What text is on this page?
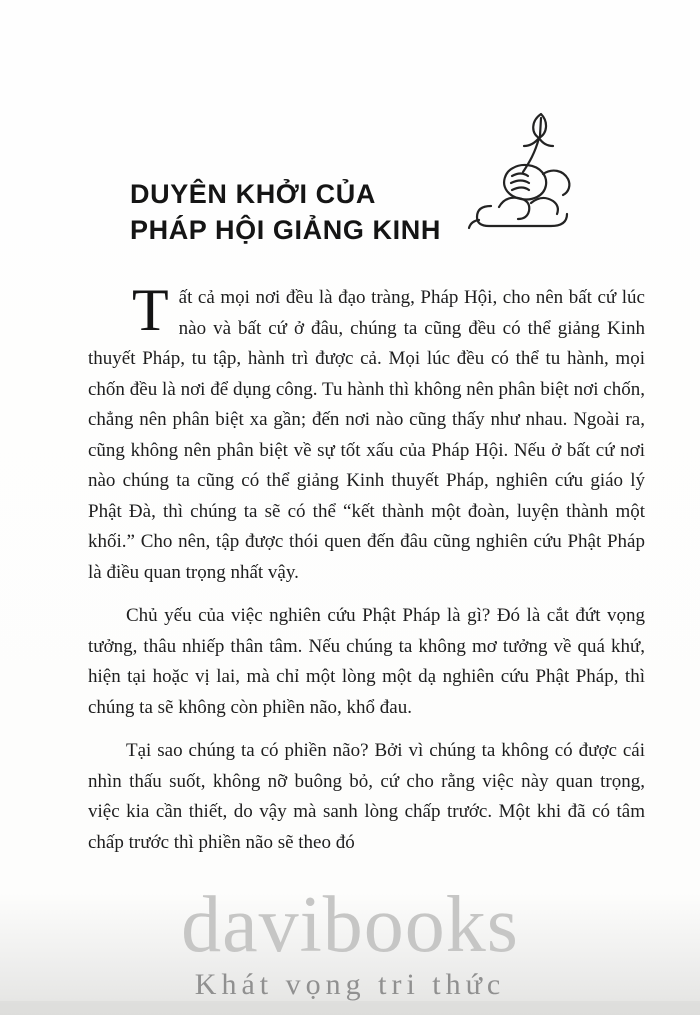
DUYÊN KHỞI CỦA
PHÁP HỘI GIẢNG KINH

Tất cả mọi nơi đều là đạo tràng, Pháp Hội, cho nên bất cứ lúc nào và bất cứ ở đâu, chúng ta cũng đều có thể giảng Kinh thuyết Pháp, tu tập, hành trì được cả. Mọi lúc đều có thể tu hành, mọi chốn đều là nơi để dụng công. Tu hành thì không nên phân biệt nơi chốn, chẳng nên phân biệt xa gần; đến nơi nào cũng thấy như nhau. Ngoài ra, cũng không nên phân biệt về sự tốt xấu của Pháp Hội. Nếu ở bất cứ nơi nào chúng ta cũng có thể giảng Kinh thuyết Pháp, nghiên cứu giáo lý Phật Đà, thì chúng ta sẽ có thể “kết thành một đoàn, luyện thành một khối.” Cho nên, tập được thói quen đến đâu cũng nghiên cứu Phật Pháp là điều quan trọng nhất vậy.

Chủ yếu của việc nghiên cứu Phật Pháp là gì? Đó là cắt đứt vọng tưởng, thâu nhiếp thân tâm. Nếu chúng ta không mơ tưởng về quá khứ, hiện tại hoặc vị lai, mà chỉ một lòng một dạ nghiên cứu Phật Pháp, thì chúng ta sẽ không còn phiền não, khổ đau.

Tại sao chúng ta có phiền não? Bởi vì chúng ta không có được cái nhìn thấu suốt, không nỡ buông bỏ, cứ cho rằng việc này quan trọng, việc kia cần thiết, do vậy mà sanh lòng chấp trước. Một khi đã có tâm chấp trước thì phiền não sẽ theo đó

davibooks
Khát vọng tri thức
